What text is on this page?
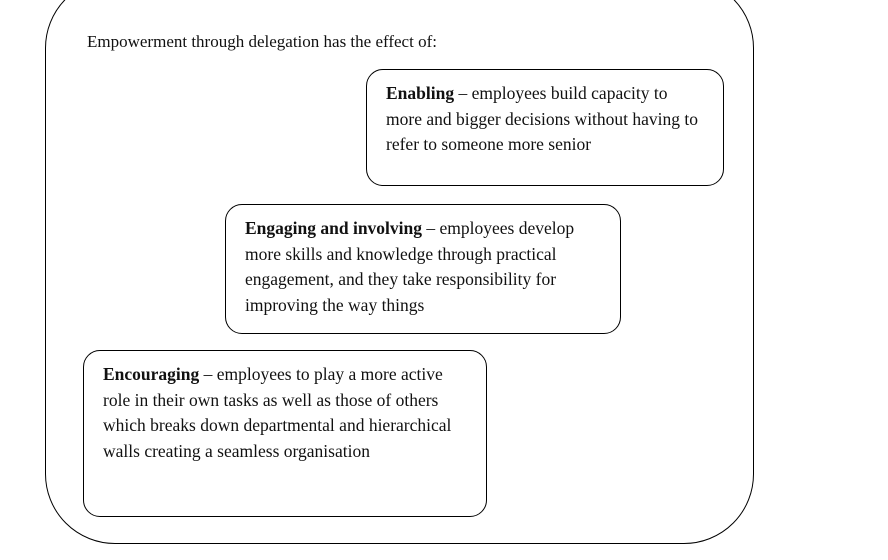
Empowerment through delegation has the effect of:
Enabling – employees build capacity to more and bigger decisions without having to refer to someone more senior
Engaging and involving – employees develop more skills and knowledge through practical engagement, and they take responsibility for improving the way things
Encouraging – employees to play a more active role in their own tasks as well as those of others which breaks down departmental and hierarchical walls creating a seamless organisation
